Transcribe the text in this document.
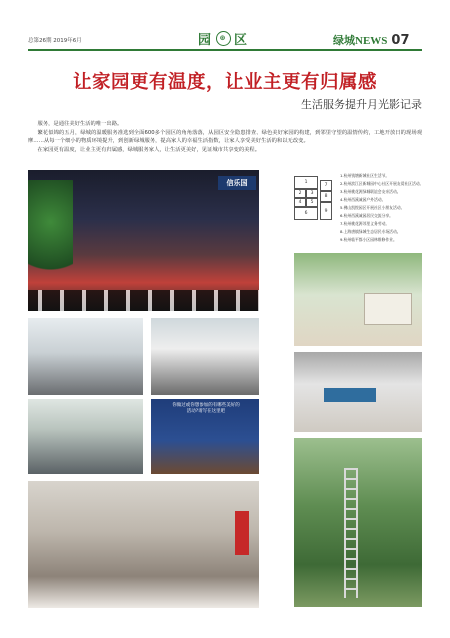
总第26期 2019年6月	园 ⊛ 区	绿城 NEWS 07
让家园更有温度，让业主更有归属感
生活服务提升月光影记录

服务，是通往美好生活的唯一出路。

繁花似锦的五月，绿城的温暖服务准选到全面600多个园区的角角落落，从园区安全隐患排查、绿色美好家园的构建，到邻里守望的温情传约，工地开放日的现场观摩……从每一个细小的物质环境提升，到创新绿城服务，提高家人的幸福生活指数，让家人享受美好生活的和以无改变。

在家园更有温度，让业主更有归属感，绿城服务家人，让生活更美好，见证城市共享变的美程。

信乐国
你做过或你想参加的有哪些美好的活动?请写在这里吧
1
2	3
4	5
6
7
8
9
1.杭州钱塘新城社区生活节。
2.杭州滨江区新城园中心社区开展友爱社区活动。
3.杭州桃花源绿城联谊会友亲活动。
4.杭州西溪诚园户外活动。
5.佛山凯悦园区开展社区小朋友活动。
6.杭州西溪诚园居民交流分享。
7.杭州桃花源邻里义务劳动。
8.上海唐镇绿城生态居民专场活动。
9.杭州临平都小区园林维修作业。
